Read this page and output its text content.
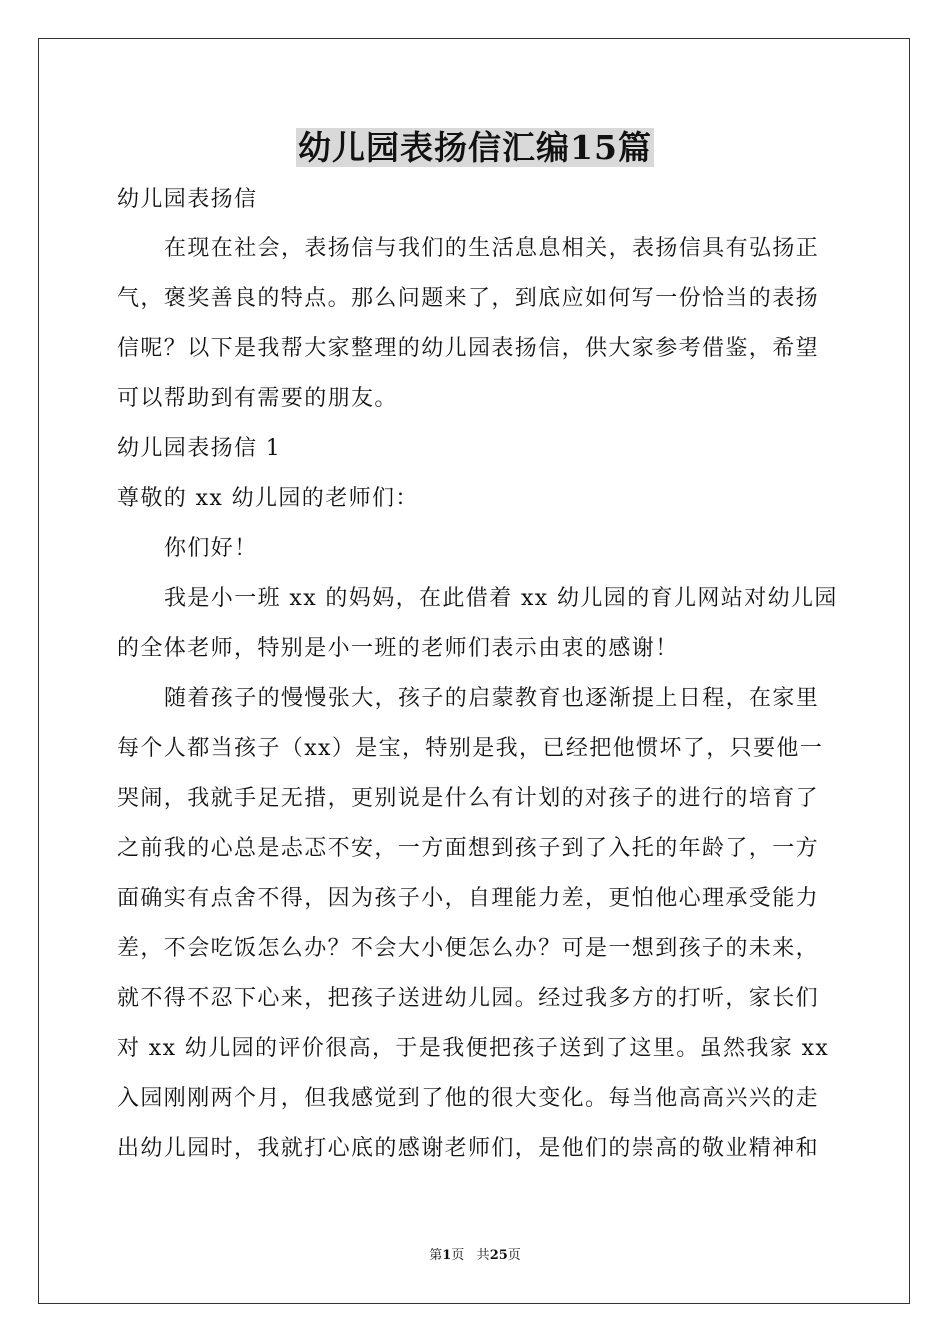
幼儿园表扬信汇编15篇
幼儿园表扬信
在现在社会，表扬信与我们的生活息息相关，表扬信具有弘扬正
气，褒奖善良的特点。那么问题来了，到底应如何写一份恰当的表扬
信呢？以下是我帮大家整理的幼儿园表扬信，供大家参考借鉴，希望
可以帮助到有需要的朋友。
幼儿园表扬信 1
尊敬的 xx 幼儿园的老师们：
你们好！
我是小一班 xx 的妈妈，在此借着 xx 幼儿园的育儿网站对幼儿园
的全体老师，特别是小一班的老师们表示由衷的感谢！
随着孩子的慢慢张大，孩子的启蒙教育也逐渐提上日程，在家里
每个人都当孩子（xx）是宝，特别是我，已经把他惯坏了，只要他一
哭闹，我就手足无措，更别说是什么有计划的对孩子的进行的培育了
之前我的心总是忐忑不安，一方面想到孩子到了入托的年龄了，一方
面确实有点舍不得，因为孩子小，自理能力差，更怕他心理承受能力
差，不会吃饭怎么办？不会大小便怎么办？可是一想到孩子的未来，
就不得不忍下心来，把孩子送进幼儿园。经过我多方的打听，家长们
对 xx 幼儿园的评价很高，于是我便把孩子送到了这里。虽然我家 xx
入园刚刚两个月，但我感觉到了他的很大变化。每当他高高兴兴的走
出幼儿园时，我就打心底的感谢老师们，是他们的崇高的敬业精神和
第1页 共25页
